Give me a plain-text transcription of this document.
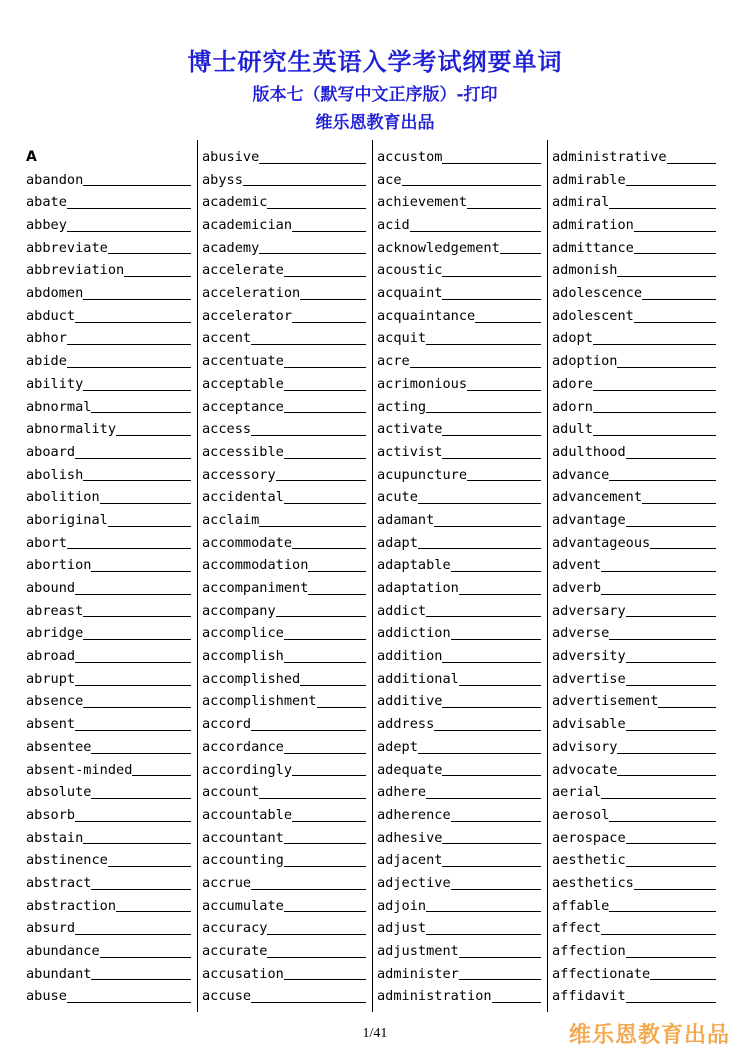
博士研究生英语入学考试纲要单词
版本七（默写中文正序版）-打印
维乐恩教育出品
A
abandon
abate
abbey
abbreviate
abbreviation
abdomen
abduct
abhor
abide
ability
abnormal
abnormality
aboard
abolish
abolition
aboriginal
abort
abortion
abound
abreast
abridge
abroad
abrupt
absence
absent
absentee
absent-minded
absolute
absorb
abstain
abstinence
abstract
abstraction
absurd
abundance
abundant
abuse
abusive
abyss
academic
academician
academy
accelerate
acceleration
accelerator
accent
accentuate
acceptable
acceptance
access
accessible
accessory
accidental
acclaim
accommodate
accommodation
accompaniment
accompany
accomplice
accomplish
accomplished
accomplishment
accord
accordance
accordingly
account
accountable
accountant
accounting
accrue
accumulate
accuracy
accurate
accusation
accuse
accustom
ace
achievement
acid
acknowledgement
acoustic
acquaint
acquaintance
acquit
acre
acrimonious
acting
activate
activist
acupuncture
acute
adamant
adapt
adaptable
adaptation
addict
addiction
addition
additional
additive
address
adept
adequate
adhere
adherence
adhesive
adjacent
adjective
adjoin
adjust
adjustment
administer
administration
administrative
admirable
admiral
admiration
admittance
admonish
adolescence
adolescent
adopt
adoption
adore
adorn
adult
adulthood
advance
advancement
advantage
advantageous
advent
adverb
adversary
adverse
adversity
advertise
advertisement
advisable
advisory
advocate
aerial
aerosol
aerospace
aesthetic
aesthetics
affable
affect
affection
affectionate
affidavit
1/41	维乐恩教育出品
